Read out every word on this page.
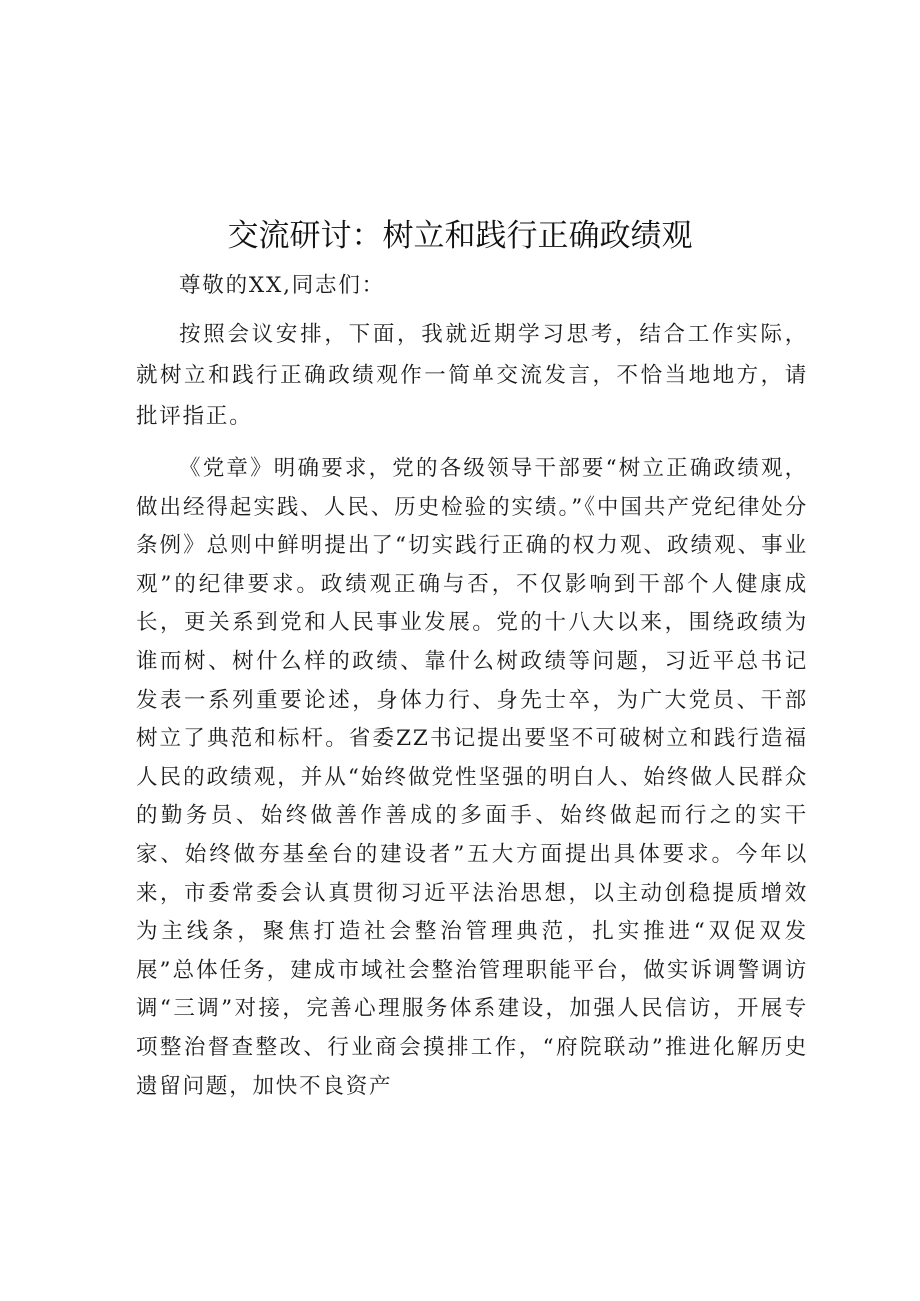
交流研讨：树立和践行正确政绩观

尊敬的XX,同志们：

按照会议安排，下面，我就近期学习思考，结合工作实际，就树立和践行正确政绩观作一简单交流发言，不恰当地地方，请批评指正。

《党章》明确要求，党的各级领导干部要“树立正确政绩观，做出经得起实践、人民、历史检验的实绩。”《中国共产党纪律处分条例》总则中鲜明提出了“切实践行正确的权力观、政绩观、事业观”的纪律要求。政绩观正确与否，不仅影响到干部个人健康成长，更关系到党和人民事业发展。党的十八大以来，围绕政绩为谁而树、树什么样的政绩、靠什么树政绩等问题，习近平总书记发表一系列重要论述，身体力行、身先士卒，为广大党员、干部树立了典范和标杆。省委ZZ书记提出要坚不可破树立和践行造福人民的政绩观，并从“始终做党性坚强的明白人、始终做人民群众的勤务员、始终做善作善成的多面手、始终做起而行之的实干家、始终做夯基垒台的建设者”五大方面提出具体要求。今年以来，市委常委会认真贯彻习近平法治思想，以主动创稳提质增效为主线条，聚焦打造社会整治管理典范，扎实推进“双促双发展”总体任务，建成市域社会整治管理职能平台，做实诉调警调访调“三调”对接，完善心理服务体系建设，加强人民信访，开展专项整治督查整改、行业商会摸排工作，“府院联动”推进化解历史遗留问题，加快不良资产
